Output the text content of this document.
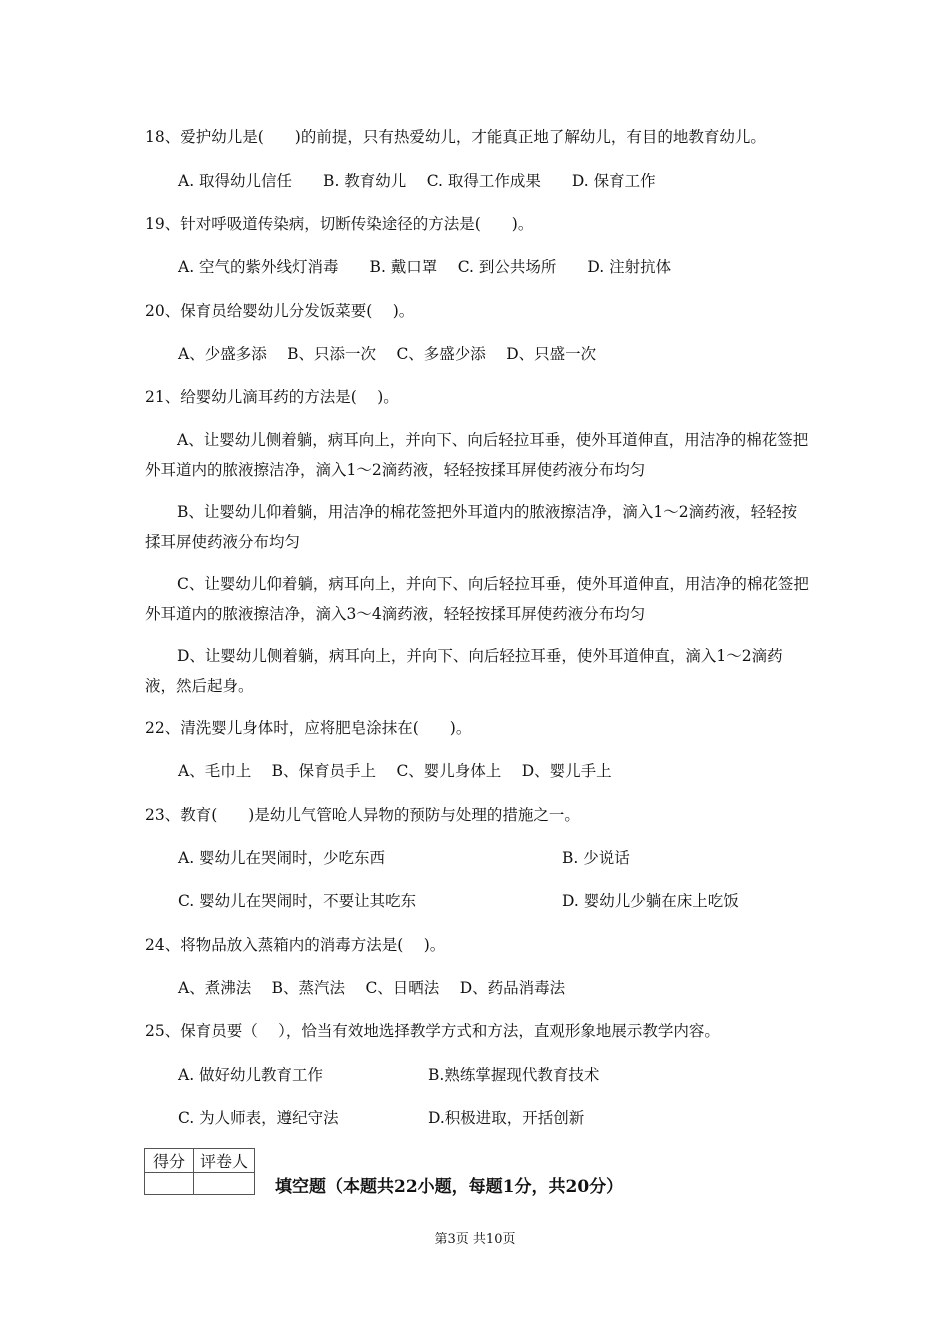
18、爱护幼儿是(　　)的前提，只有热爱幼儿，才能真正地了解幼儿，有目的地教育幼儿。
A. 取得幼儿信任　　B. 教育幼儿　 C. 取得工作成果　　D. 保育工作
19、针对呼吸道传染病，切断传染途径的方法是(　　)。
A. 空气的紫外线灯消毒　　B. 戴口罩　 C. 到公共场所　　D. 注射抗体
20、保育员给婴幼儿分发饭菜要(　 )。
A、少盛多添　 B、只添一次　 C、多盛少添　 D、只盛一次
21、给婴幼儿滴耳药的方法是(　 )。
A、让婴幼儿侧着躺，病耳向上，并向下、向后轻拉耳垂，使外耳道伸直，用洁净的棉花签把外耳道内的脓液擦洁净，滴入1～2滴药液，轻轻按揉耳屏使药液分布均匀
B、让婴幼儿仰着躺，用洁净的棉花签把外耳道内的脓液擦洁净，滴入1～2滴药液，轻轻按揉耳屏使药液分布均匀
C、让婴幼儿仰着躺，病耳向上，并向下、向后轻拉耳垂，使外耳道伸直，用洁净的棉花签把外耳道内的脓液擦洁净，滴入3～4滴药液，轻轻按揉耳屏使药液分布均匀
D、让婴幼儿侧着躺，病耳向上，并向下、向后轻拉耳垂，使外耳道伸直，滴入1～2滴药液，然后起身。
22、清洗婴儿身体时，应将肥皂涂抹在(　　)。
A、毛巾上　 B、保育员手上　 C、婴儿身体上　 D、婴儿手上
23、教育(　　)是幼儿气管呛人异物的预防与处理的措施之一。
A. 婴幼儿在哭闹时，少吃东西	B. 少说话
C. 婴幼儿在哭闹时，不要让其吃东	D. 婴幼儿少躺在床上吃饭
24、将物品放入蒸箱内的消毒方法是(　 )。
A、煮沸法　 B、蒸汽法　 C、日晒法　 D、药品消毒法
25、保育员要（　 ），恰当有效地选择教学方式和方法，直观形象地展示教学内容。
A. 做好幼儿教育工作	B.熟练掌握现代教育技术
C. 为人师表，遵纪守法	D.积极进取，开括创新
得分	评卷人

填空题（本题共22小题，每题1分，共20分）
第3页 共10页
